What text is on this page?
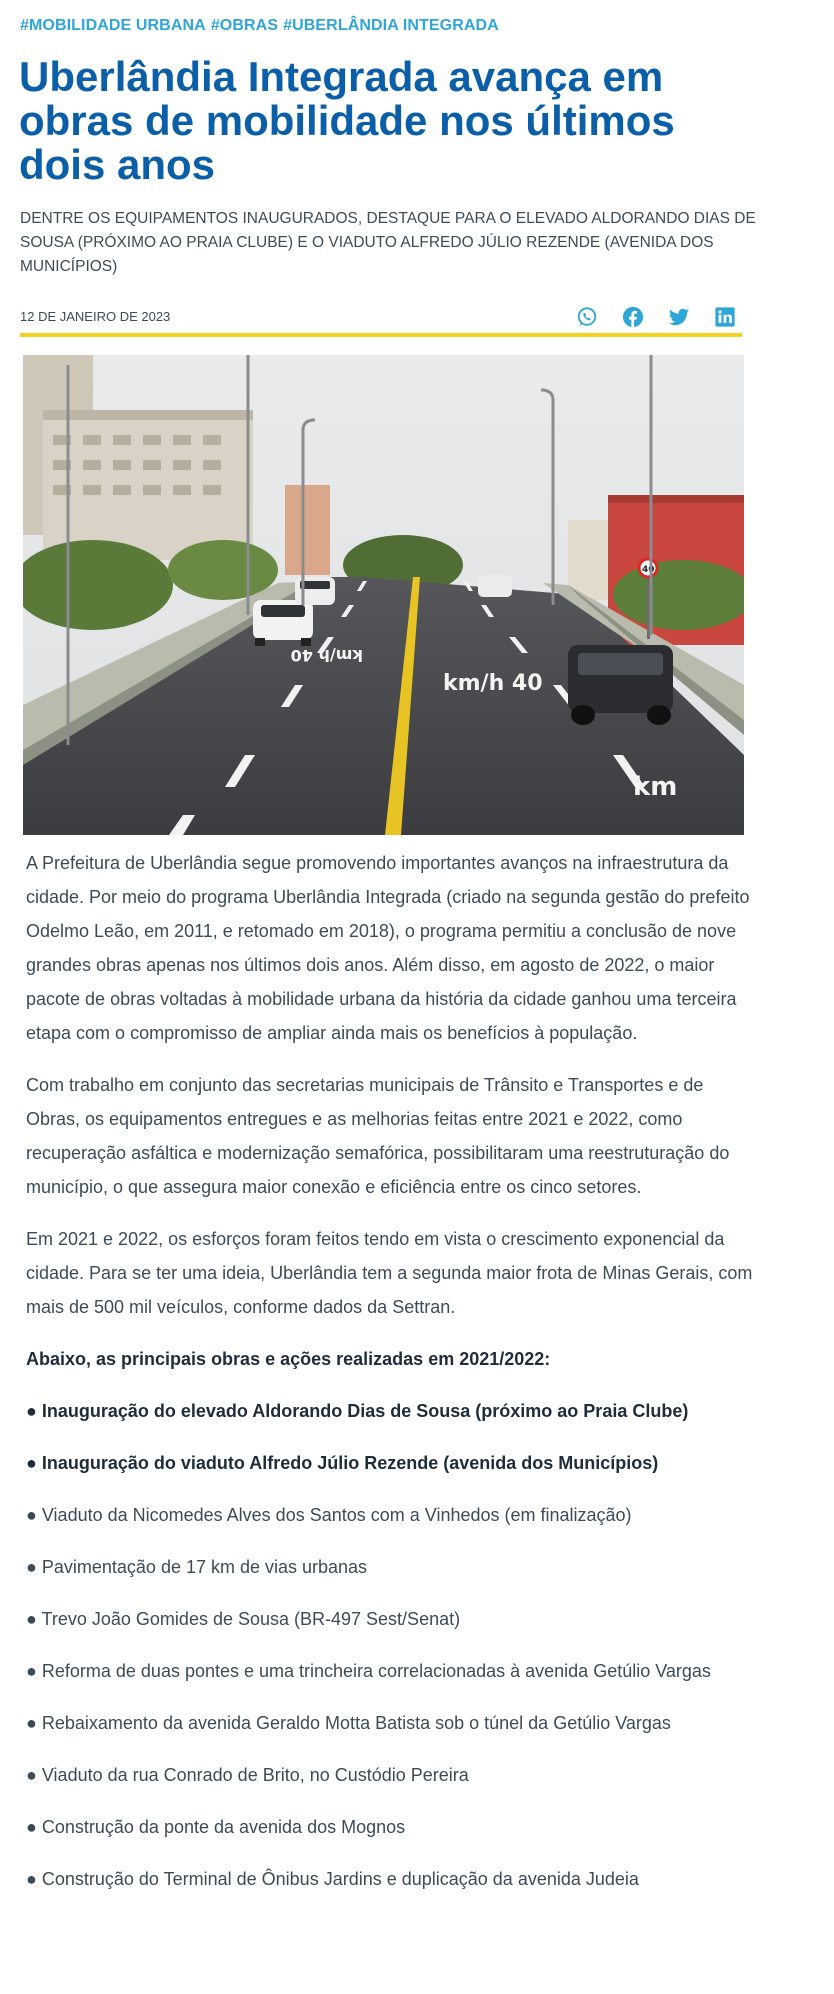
#MOBILIDADE URBANA #OBRAS #UBERLÂNDIA INTEGRADA
Uberlândia Integrada avança em obras de mobilidade nos últimos dois anos

DENTRE OS EQUIPAMENTOS INAUGURADOS, DESTAQUE PARA O ELEVADO ALDORANDO DIAS DE SOUSA (PRÓXIMO AO PRAIA CLUBE) E O VIADUTO ALFREDO JÚLIO REZENDE (AVENIDA DOS MUNICÍPIOS)

12 DE JANEIRO DE 2023
km/h 40
km/h 40
40
km

A Prefeitura de Uberlândia segue promovendo importantes avanços na infraestrutura da cidade. Por meio do programa Uberlândia Integrada (criado na segunda gestão do prefeito Odelmo Leão, em 2011, e retomado em 2018), o programa permitiu a conclusão de nove grandes obras apenas nos últimos dois anos. Além disso, em agosto de 2022, o maior pacote de obras voltadas à mobilidade urbana da história da cidade ganhou uma terceira etapa com o compromisso de ampliar ainda mais os benefícios à população.

Com trabalho em conjunto das secretarias municipais de Trânsito e Transportes e de Obras, os equipamentos entregues e as melhorias feitas entre 2021 e 2022, como recuperação asfáltica e modernização semafórica, possibilitaram uma reestruturação do município, o que assegura maior conexão e eficiência entre os cinco setores.

Em 2021 e 2022, os esforços foram feitos tendo em vista o crescimento exponencial da cidade. Para se ter uma ideia, Uberlândia tem a segunda maior frota de Minas Gerais, com mais de 500 mil veículos, conforme dados da Settran.

Abaixo, as principais obras e ações realizadas em 2021/2022:

● Inauguração do elevado Aldorando Dias de Sousa (próximo ao Praia Clube)

● Inauguração do viaduto Alfredo Júlio Rezende (avenida dos Municípios)

● Viaduto da Nicomedes Alves dos Santos com a Vinhedos (em finalização)

● Pavimentação de 17 km de vias urbanas

● Trevo João Gomides de Sousa (BR-497 Sest/Senat)

● Reforma de duas pontes e uma trincheira correlacionadas à avenida Getúlio Vargas

● Rebaixamento da avenida Geraldo Motta Batista sob o túnel da Getúlio Vargas

● Viaduto da rua Conrado de Brito, no Custódio Pereira

● Construção da ponte da avenida dos Mognos

● Construção do Terminal de Ônibus Jardins e duplicação da avenida Judeia
